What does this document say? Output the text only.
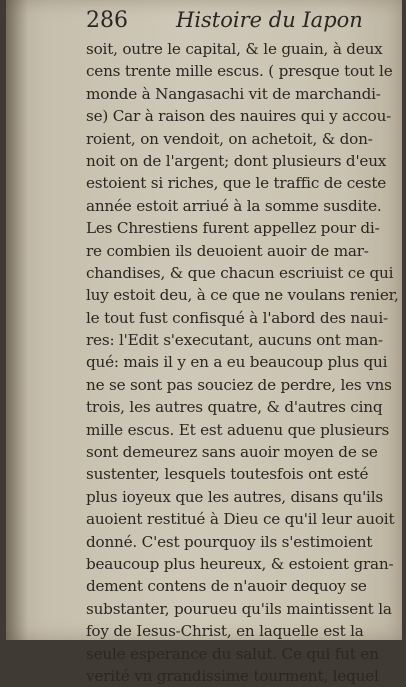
286 Histoire du Iapon
soit, outre le capital, & le guain, à deux
cens trente mille escus. ( presque tout le
monde à Nangasachi vit de marchandi-
se) Car à raison des nauires qui y accou-
roient, on vendoit, on achetoit, & don-
noit on de l'argent; dont plusieurs d'eux
estoient si riches, que le traffic de ceste
année estoit arriué à la somme susdite.
Les Chrestiens furent appellez pour di-
re combien ils deuoient auoir de mar-
chandises, & que chacun escriuist ce qui
luy estoit deu, à ce que ne voulans renier,
le tout fust confisqué à l'abord des naui-
res: l'Edit s'executant, aucuns ont man-
qué: mais il y en a eu beaucoup plus qui
ne se sont pas souciez de perdre, les vns
trois, les autres quatre, & d'autres cinq
mille escus. Et est aduenu que plusieurs
sont demeurez sans auoir moyen de se
sustenter, lesquels toutesfois ont esté
plus ioyeux que les autres, disans qu'ils
auoient restitué à Dieu ce qu'il leur auoit
donné. C'est pourquoy ils s'estimoient
beaucoup plus heureux, & estoient gran-
dement contens de n'auoir dequoy se
substanter, pourueu qu'ils maintissent la
foy de Iesus-Christ, en laquelle est la
seule esperance du salut. Ce qui fut en
verité vn grandissime tourment, lequel
